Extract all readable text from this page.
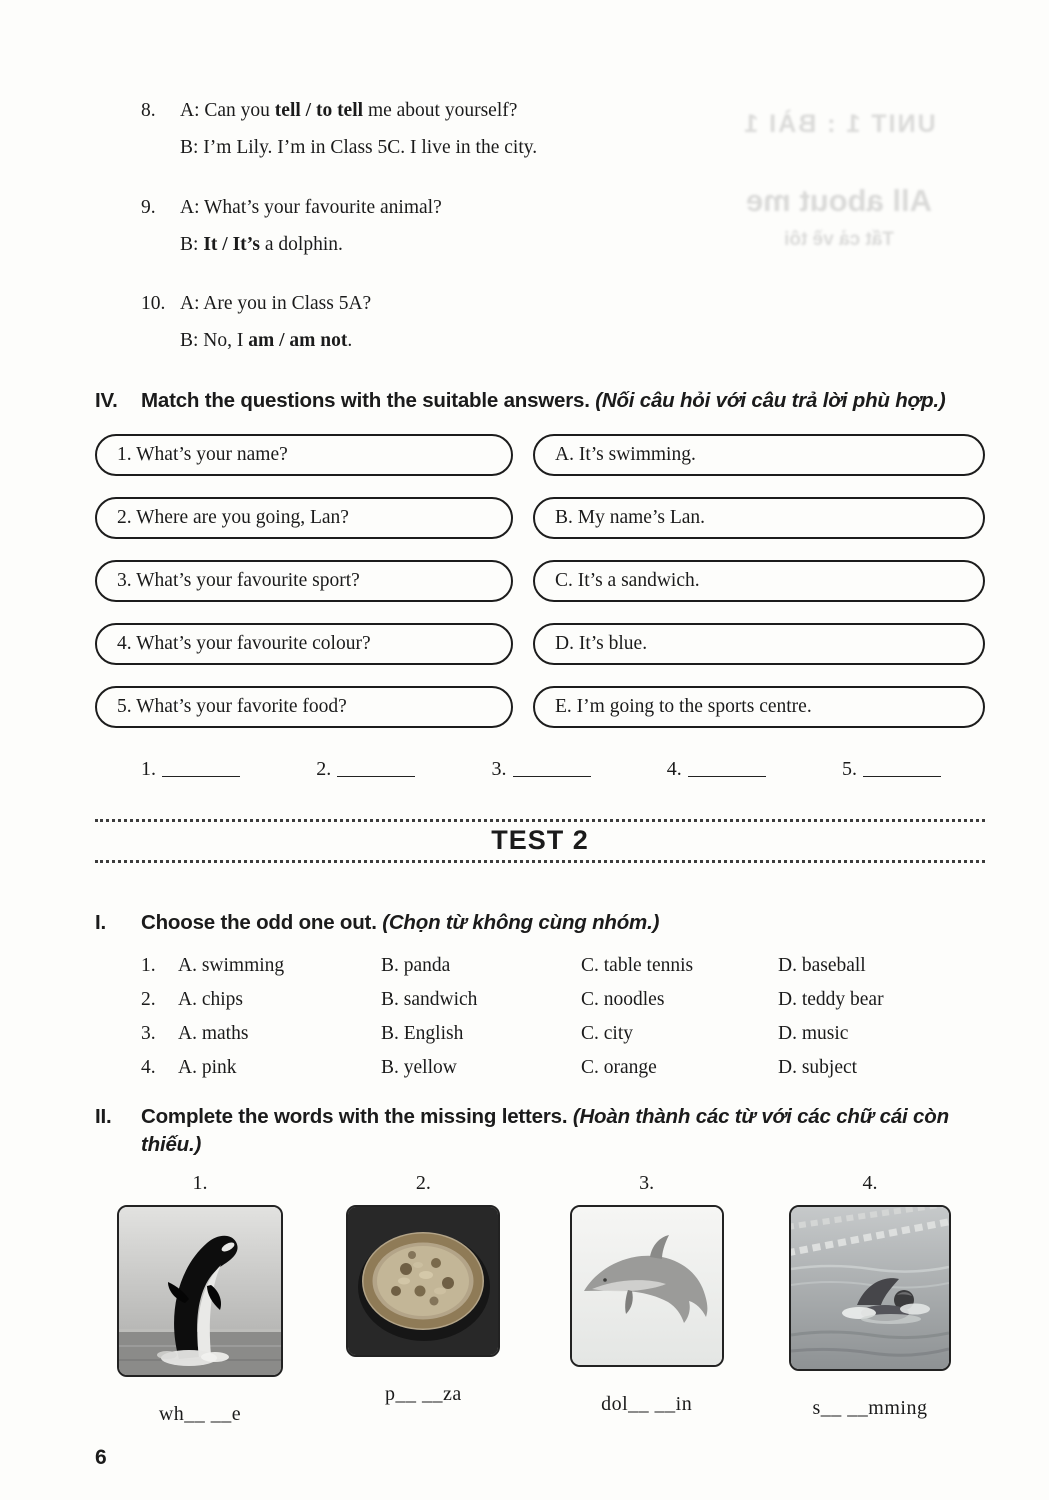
UNIT 1 : BÀI 1
All about me
Tất cả về tôi
8.	A: Can you tell / to tell me about yourself?

B: I’m Lily. I’m in Class 5C. I live in the city.

9.	A: What’s your favourite animal?

B: It / It’s a dolphin.

10. A: Are you in Class 5A?

B: No, I am / am not.

IV.	Match the questions with the suitable answers. (Nối câu hỏi với câu trả lời phù hợp.)
1. What’s your name?	A. It’s swimming.
2. Where are you going, Lan?	B. My name’s Lan.
3. What’s your favourite sport?	C. It’s a sandwich.
4. What’s your favourite colour?	D. It’s blue.
5. What’s your favorite food?	E. I’m going to the sports centre.
1.	2.	3.	4.	5.
TEST 2
I.	Choose the odd one out. (Chọn từ không cùng nhóm.)
1.	A. swimming	B. panda	C. table tennis	D. baseball
2.	A. chips	B. sandwich	C. noodles	D. teddy bear
3.	A. maths	B. English	C. city	D. music
4.	A. pink	B. yellow	C. orange	D. subject
II.	Complete the words with the missing letters. (Hoàn thành các từ với các chữ cái còn thiếu.)
1.
wh__ __e
2.
p__ __za
3.
dol__ __in
4.
s__ __mming
6
